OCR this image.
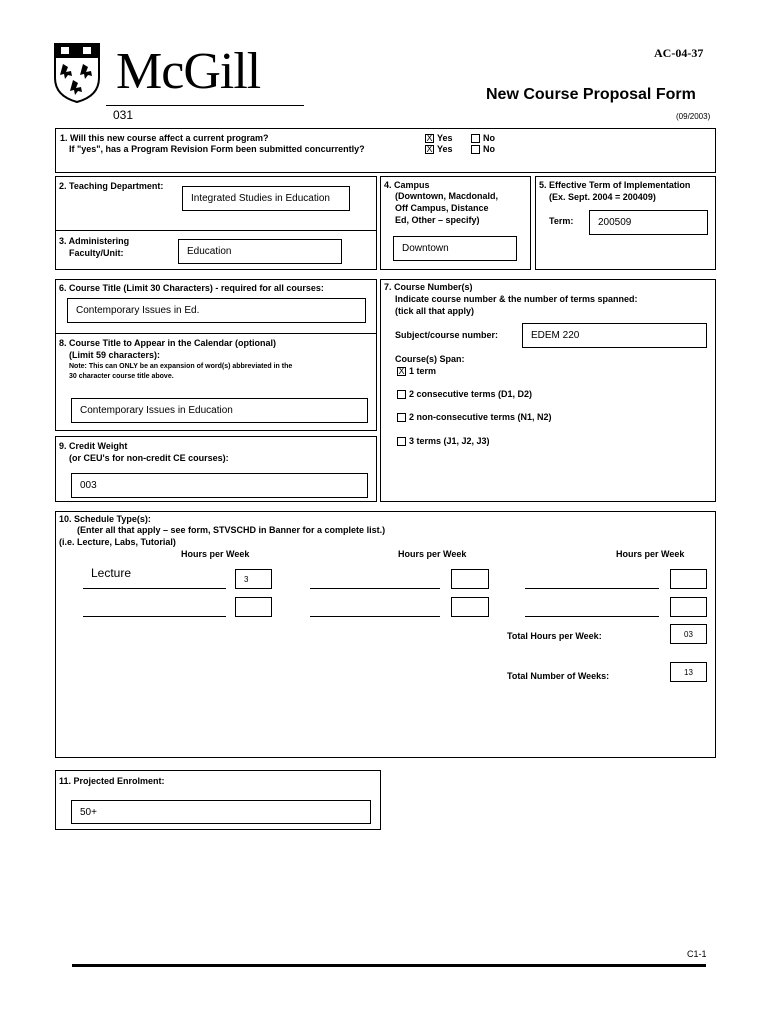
McGill	AC-04-37
031
New Course Proposal Form
(09/2003)
1. Will this new course affect a current program?
If "yes", has a Program Revision Form been submitted concurrently?
X Yes	No
X Yes	No
2. Teaching Department:
Integrated Studies in Education
3. Administering
Faculty/Unit:	Education
4. Campus
(Downtown, Macdonald,
Off Campus, Distance
Ed, Other – specify)
Downtown
5. Effective Term of Implementation
(Ex. Sept. 2004 = 200409)
Term:	200509
6. Course Title (Limit 30 Characters) - required for all courses:
Contemporary Issues in Ed.
8. Course Title to Appear in the Calendar (optional)
(Limit 59 characters):
Note: This can ONLY be an expansion of word(s) abbreviated in the
30 character course title above.
Contemporary Issues in Education
9. Credit Weight
(or CEU's for non-credit CE courses):
003
7. Course Number(s)
Indicate course number & the number of terms spanned:
(tick all that apply)
Subject/course number:	EDEM 220
Course(s) Span:
X 1 term
2 consecutive terms (D1, D2)
2 non-consecutive terms (N1, N2)
3 terms (J1, J2, J3)
10. Schedule Type(s):
(Enter all that apply – see form, STVSCHD in Banner for a complete list.)
(i.e. Lecture, Labs, Tutorial)
Hours per Week	Hours per Week	Hours per Week
Lecture	3
Total Hours per Week:	03
Total Number of Weeks:	13
11. Projected Enrolment:
50+
C1-1
